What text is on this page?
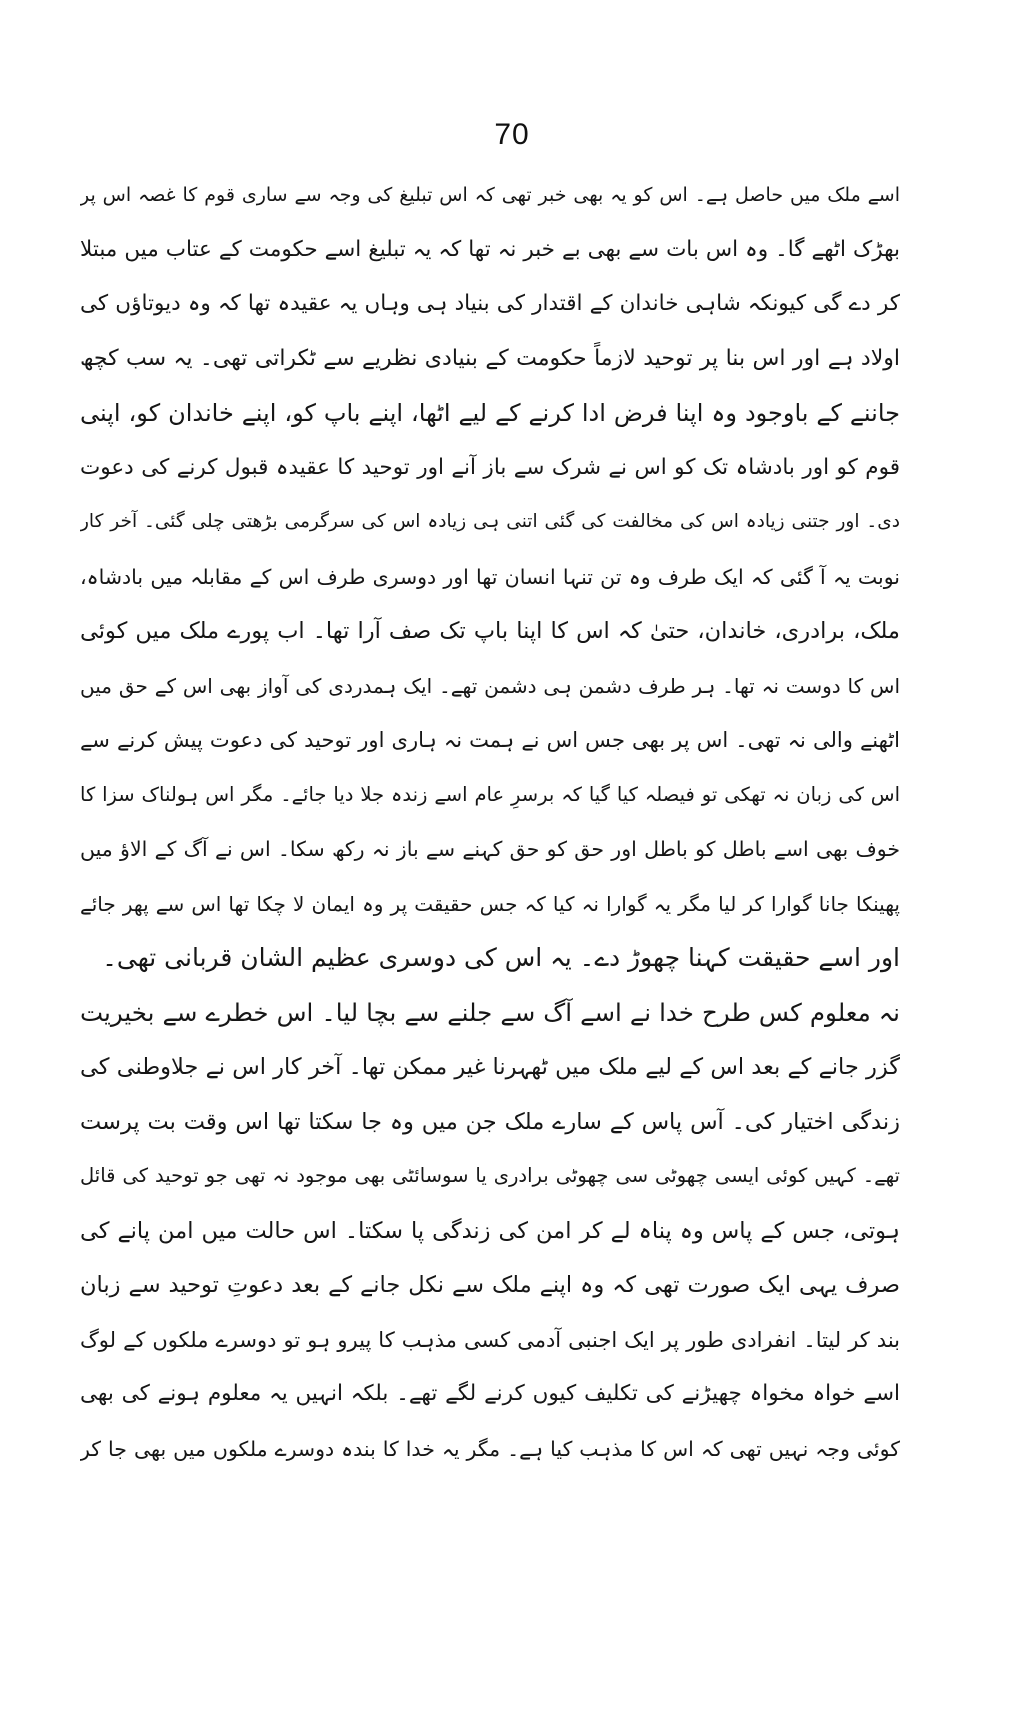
70
اسے ملک میں حاصل ہے۔ اس کو یہ بھی خبر تھی کہ اس تبلیغ کی وجہ سے ساری قوم کا غصہ اس پر
بھڑک اٹھے گا۔ وہ اس بات سے بھی بے خبر نہ تھا کہ یہ تبلیغ اسے حکومت کے عتاب میں مبتلا
کر دے گی کیونکہ شاہی خاندان کے اقتدار کی بنیاد ہی وہاں یہ عقیدہ تھا کہ وہ دیوتاؤں کی
اولاد ہے اور اس بنا پر توحید لازماً حکومت کے بنیادی نظریے سے ٹکراتی تھی۔ یہ سب کچھ
جاننے کے باوجود وہ اپنا فرض ادا کرنے کے لیے اٹھا، اپنے باپ کو، اپنے خاندان کو، اپنی
قوم کو اور بادشاہ تک کو اس نے شرک سے باز آنے اور توحید کا عقیدہ قبول کرنے کی دعوت
دی۔ اور جتنی زیادہ اس کی مخالفت کی گئی اتنی ہی زیادہ اس کی سرگرمی بڑھتی چلی گئی۔ آخر کار
نوبت یہ آ گئی کہ ایک طرف وہ تن تنہا انسان تھا اور دوسری طرف اس کے مقابلہ میں بادشاہ،
ملک، برادری، خاندان، حتیٰ کہ اس کا اپنا باپ تک صف آرا تھا۔ اب پورے ملک میں کوئی
اس کا دوست نہ تھا۔ ہر طرف دشمن ہی دشمن تھے۔ ایک ہمدردی کی آواز بھی اس کے حق میں
اٹھنے والی نہ تھی۔ اس پر بھی جس اس نے ہمت نہ ہاری اور توحید کی دعوت پیش کرنے سے
اس کی زبان نہ تھکی تو فیصلہ کیا گیا کہ برسرِ عام اسے زندہ جلا دیا جائے۔ مگر اس ہولناک سزا کا
خوف بھی اسے باطل کو باطل اور حق کو حق کہنے سے باز نہ رکھ سکا۔ اس نے آگ کے الاؤ میں
پھینکا جانا گوارا کر لیا مگر یہ گوارا نہ کیا کہ جس حقیقت پر وہ ایمان لا چکا تھا اس سے پھر جائے
اور اسے حقیقت کہنا چھوڑ دے۔ یہ اس کی دوسری عظیم الشان قربانی تھی۔
نہ معلوم کس طرح خدا نے اسے آگ سے جلنے سے بچا لیا۔ اس خطرے سے بخیریت
گزر جانے کے بعد اس کے لیے ملک میں ٹھہرنا غیر ممکن تھا۔ آخر کار اس نے جلاوطنی کی
زندگی اختیار کی۔ آس پاس کے سارے ملک جن میں وہ جا سکتا تھا اس وقت بت پرست
تھے۔ کہیں کوئی ایسی چھوٹی سی چھوٹی برادری یا سوسائٹی بھی موجود نہ تھی جو توحید کی قائل
ہوتی، جس کے پاس وہ پناہ لے کر امن کی زندگی پا سکتا۔ اس حالت میں امن پانے کی
صرف یہی ایک صورت تھی کہ وہ اپنے ملک سے نکل جانے کے بعد دعوتِ توحید سے زبان
بند کر لیتا۔ انفرادی طور پر ایک اجنبی آدمی کسی مذہب کا پیرو ہو تو دوسرے ملکوں کے لوگ
اسے خواہ مخواہ چھیڑنے کی تکلیف کیوں کرنے لگے تھے۔ بلکہ انہیں یہ معلوم ہونے کی بھی
کوئی وجہ نہیں تھی کہ اس کا مذہب کیا ہے۔ مگر یہ خدا کا بندہ دوسرے ملکوں میں بھی جا کر
